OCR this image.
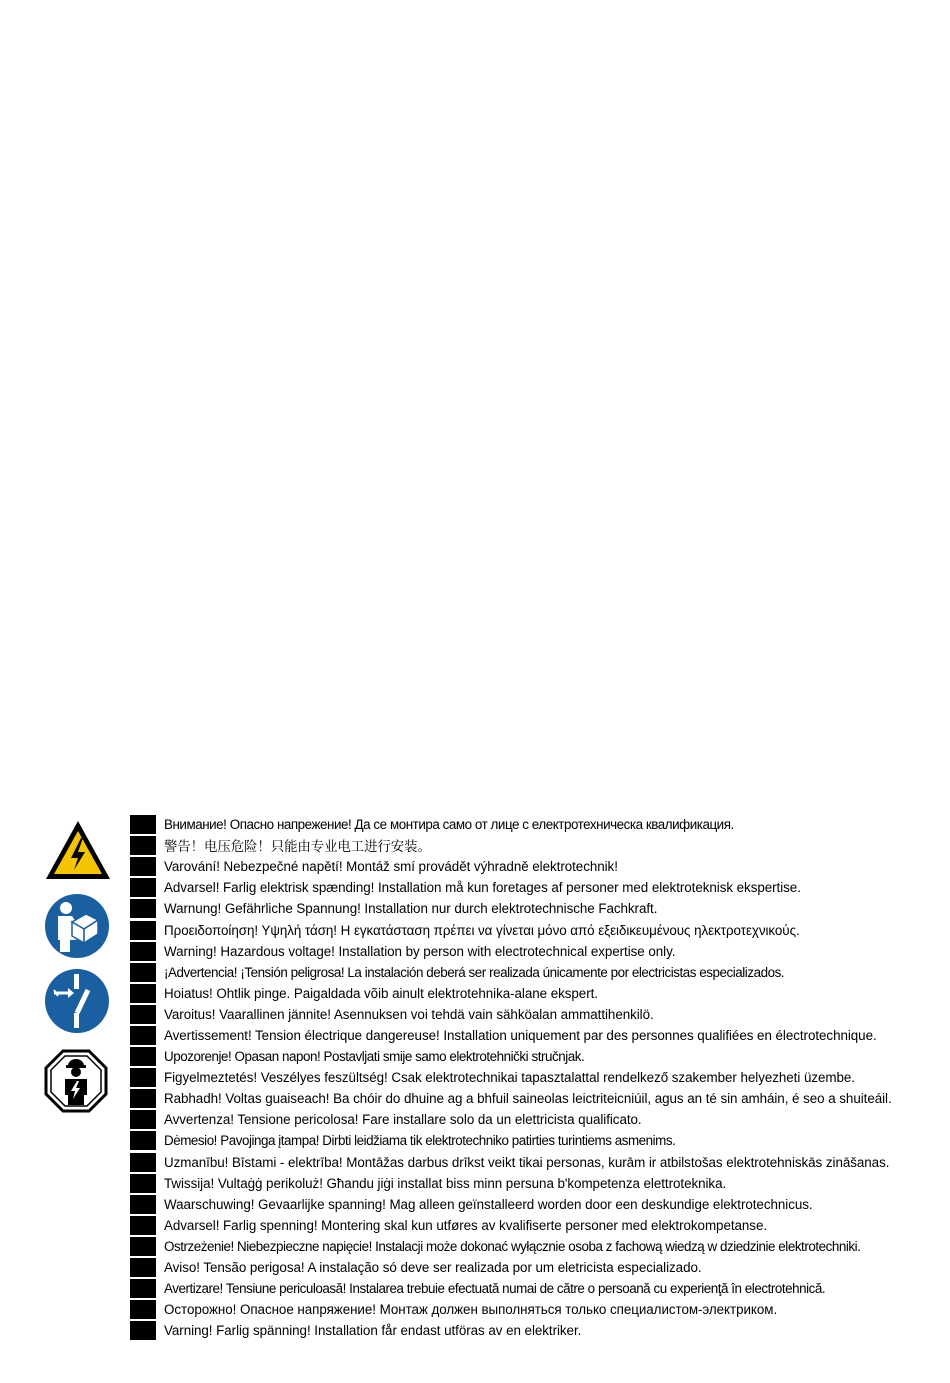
Внимание! Опасно напрежение! Да се монтира само от лице с електротехническа квалификация.
警告！电压危险！只能由专业电工进行安装。
Varování! Nebezpečné napětí! Montáž smí provádět výhradně elektrotechnik!
Advarsel! Farlig elektrisk spænding! Installation må kun foretages af personer med elektroteknisk ekspertise.
Warnung! Gefährliche Spannung! Installation nur durch elektrotechnische Fachkraft.
Προειδοποίηση! Υψηλή τάση! Η εγκατάσταση πρέπει να γίνεται μόνο από εξειδικευμένους ηλεκτροτεχνικούς.
Warning! Hazardous voltage! Installation by person with electrotechnical expertise only.
¡Advertencia! ¡Tensión peligrosa! La instalación deberá ser realizada únicamente por electricistas especializados.
Hoiatus! Ohtlik pinge. Paigaldada võib ainult elektrotehnika-alane ekspert.
Varoitus! Vaarallinen jännite! Asennuksen voi tehdä vain sähköalan ammattihenkilö.
Avertissement! Tension électrique dangereuse! Installation uniquement par des personnes qualifiées en électrotechnique.
Upozorenje! Opasan napon! Postavljati smije samo elektrotehnički stručnjak.
Figyelmeztetés! Veszélyes feszültség! Csak elektrotechnikai tapasztalattal rendelkező szakember helyezheti üzembe.
Rabhadh! Voltas guaiseach! Ba chóir do dhuine ag a bhfuil saineolas leictriteicniúil, agus an té sin amháin, é seo a shuiteáil.
Avvertenza! Tensione pericolosa! Fare installare solo da un elettricista qualificato.
Dėmesio! Pavojinga įtampa! Dirbti leidžiama tik elektrotechniko patirties turintiems asmenims.
Uzmanību! Bīstami - elektrība! Montāžas darbus drīkst veikt tikai personas, kurām ir atbilstošas elektrotehniskās zināšanas.
Twissija! Vultaġġ perikoluż! Għandu jiġi installat biss minn persuna b'kompetenza elettroteknika.
Waarschuwing! Gevaarlijke spanning! Mag alleen geïnstalleerd worden door een deskundige elektrotechnicus.
Advarsel! Farlig spenning! Montering skal kun utføres av kvalifiserte personer med elektrokompetanse.
Ostrzeżenie! Niebezpieczne napięcie! Instalacji może dokonać wyłącznie osoba z fachową wiedzą w dziedzinie elektrotechniki.
Aviso! Tensão perigosa! A instalação só deve ser realizada por um eletricista especializado.
Avertizare! Tensiune periculoasă! Instalarea trebuie efectuată numai de către o persoană cu experienţă în electrotehnică.
Осторожно! Опасное напряжение! Монтаж должен выполняться только специалистом-электриком.
Varning! Farlig spänning! Installation får endast utföras av en elektriker.
